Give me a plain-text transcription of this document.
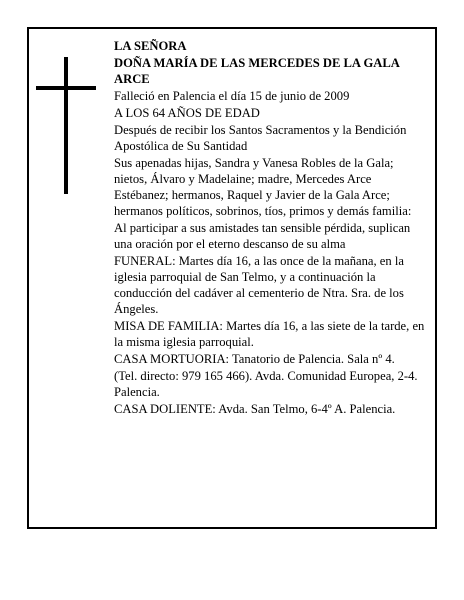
LA SEÑORA

DOÑA MARÍA DE LAS MERCEDES DE LA GALA ARCE

Falleció en Palencia el día 15 de junio de 2009

A LOS 64 AÑOS DE EDAD

Después de recibir los Santos Sacramentos y la Bendición Apostólica de Su Santidad

Sus apenadas hijas, Sandra y Vanesa Robles de la Gala; nietos, Álvaro y Madelaine; madre, Mercedes Arce Estébanez; hermanos, Raquel y Javier de la Gala Arce; hermanos políticos, sobrinos, tíos, primos y demás familia:

Al participar a sus amistades tan sensible pérdida, suplican una oración por el eterno descanso de su alma

FUNERAL: Martes día 16, a las once de la mañana, en la iglesia parroquial de San Telmo, y a continuación la conducción del cadáver al cementerio de Ntra. Sra. de los Ángeles.

MISA DE FAMILIA: Martes día 16, a las siete de la tarde, en la misma iglesia parroquial.

CASA MORTUORIA: Tanatorio de Palencia. Sala nº 4.

(Tel. directo: 979 165 466). Avda. Comunidad Europea, 2-4. Palencia.

CASA DOLIENTE: Avda. San Telmo, 6-4º A. Palencia.
